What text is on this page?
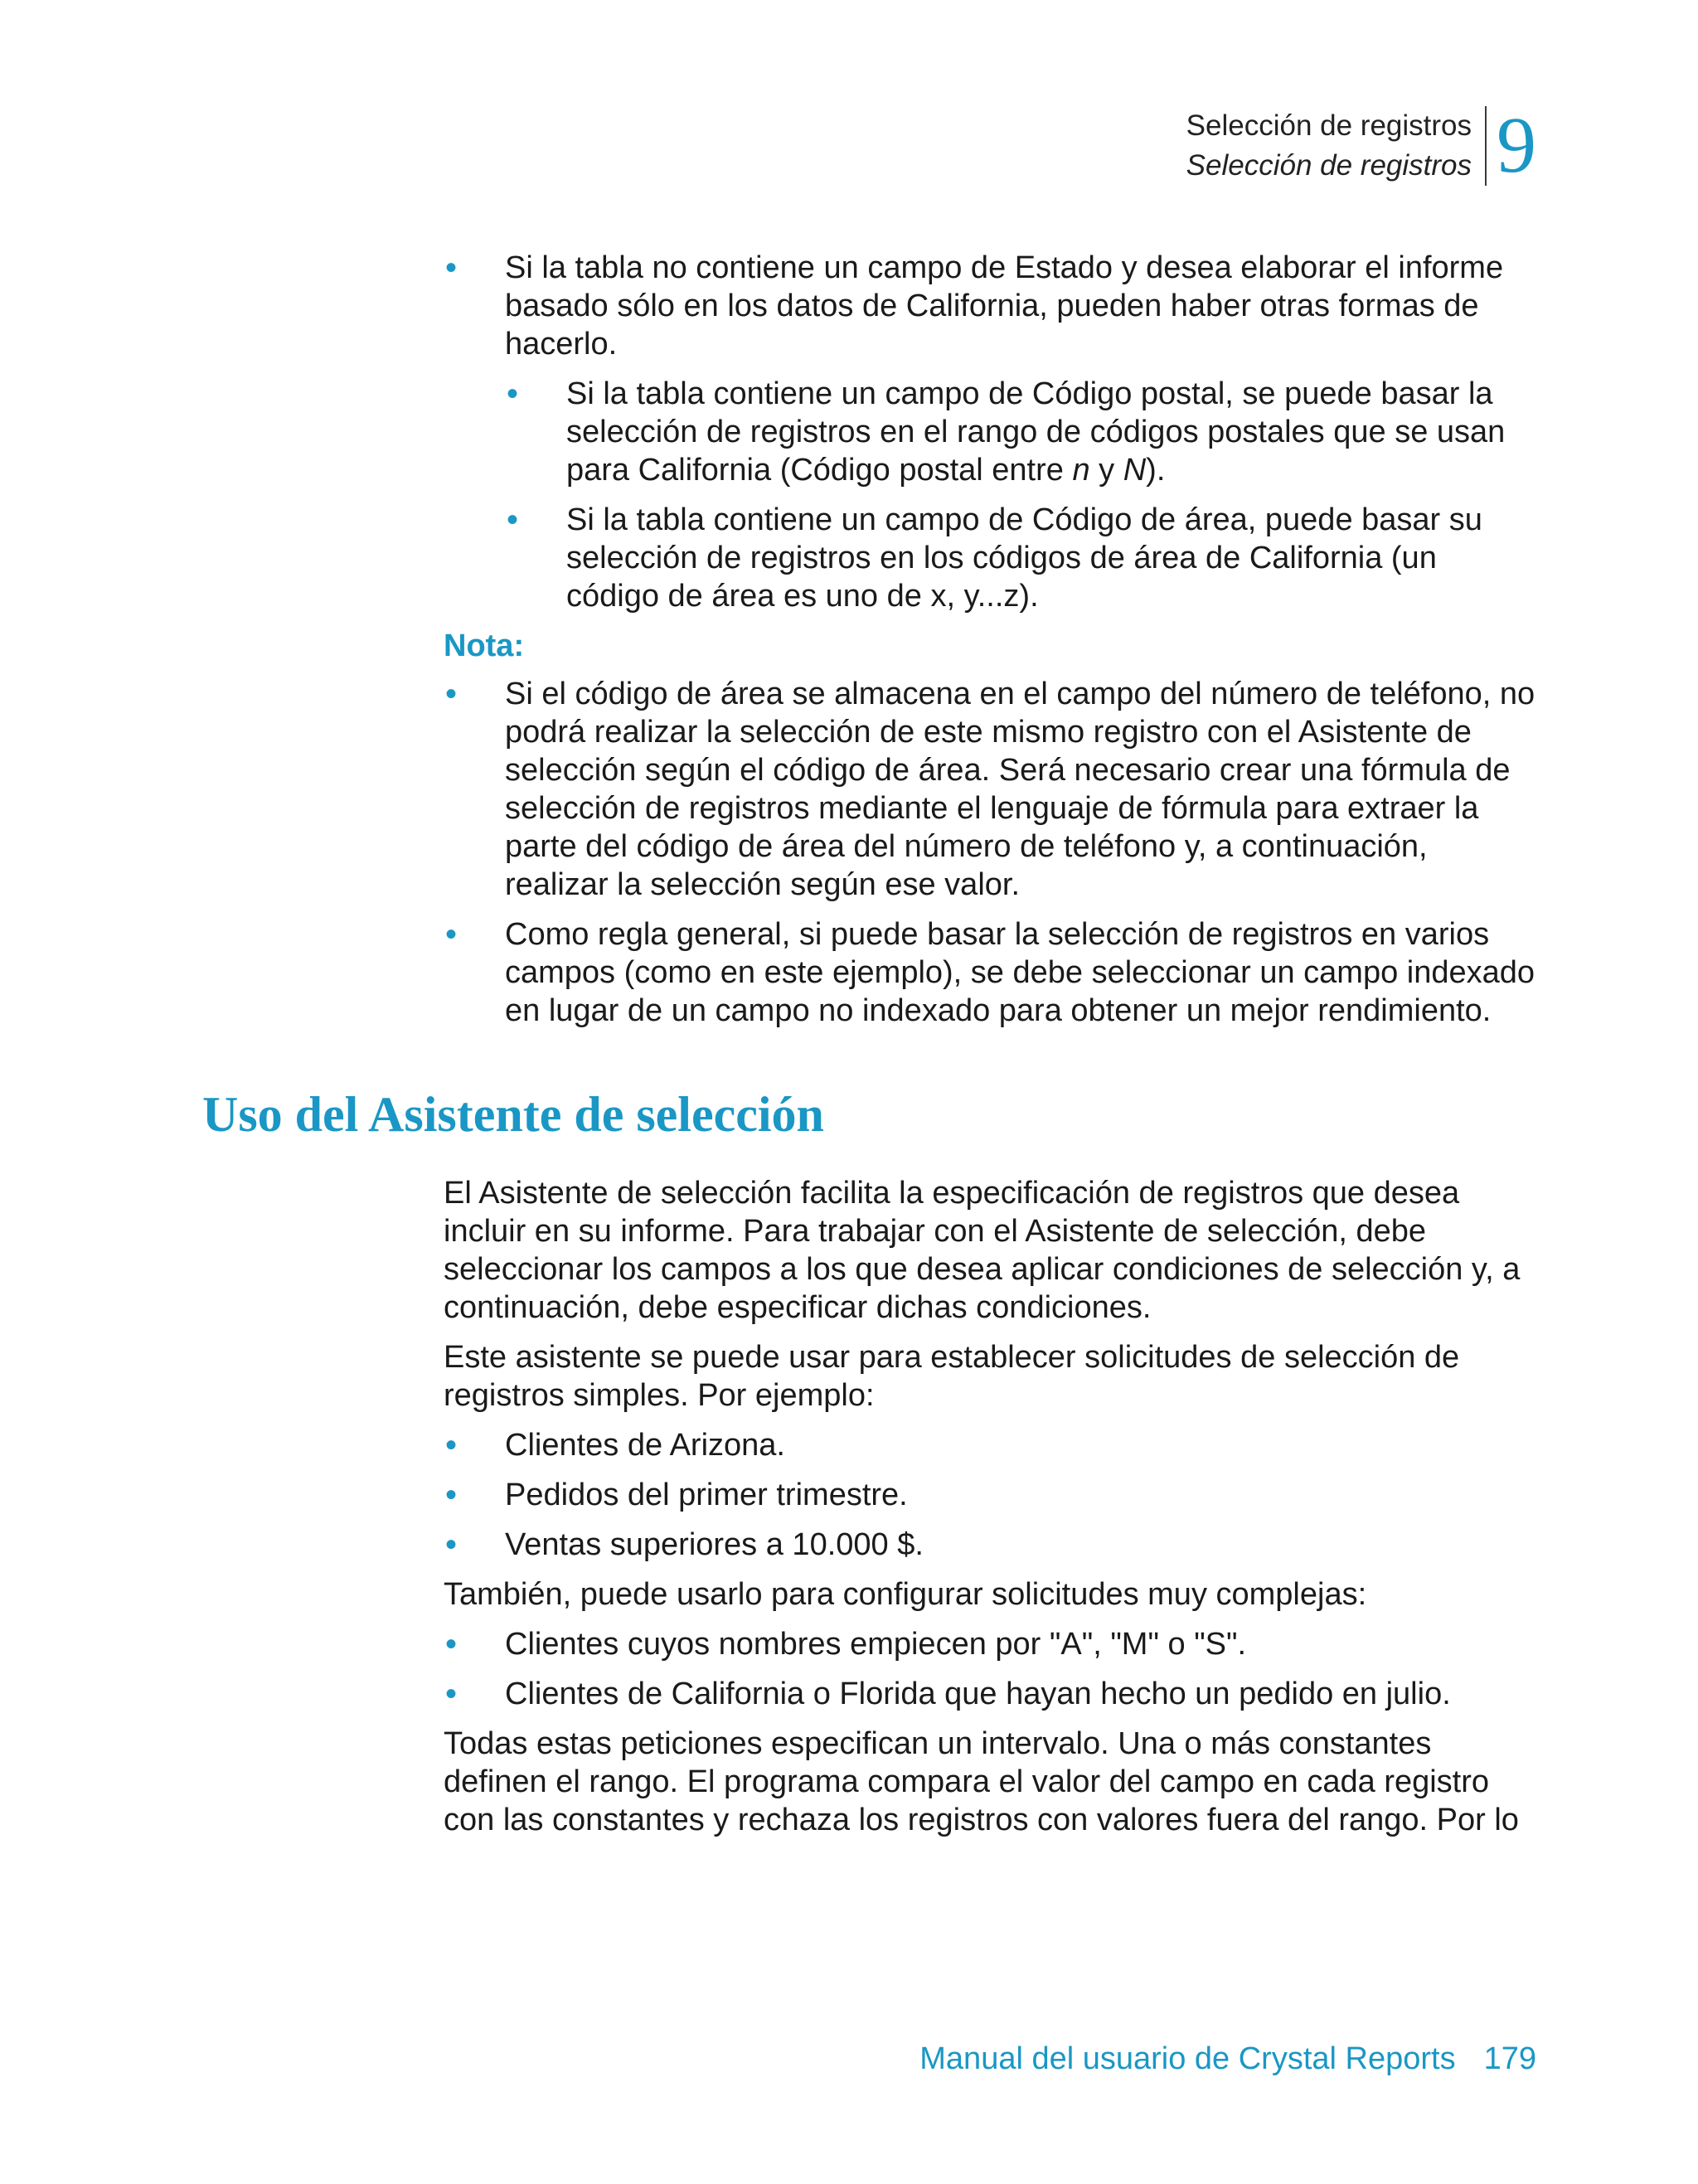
Selección de registros
Selección de registros 9
• Si la tabla no contiene un campo de Estado y desea elaborar el informe basado sólo en los datos de California, pueden haber otras formas de hacerlo.
• Si la tabla contiene un campo de Código postal, se puede basar la selección de registros en el rango de códigos postales que se usan para California (Código postal entre n y N).
• Si la tabla contiene un campo de Código de área, puede basar su selección de registros en los códigos de área de California (un código de área es uno de x, y...z).
Nota:
• Si el código de área se almacena en el campo del número de teléfono, no podrá realizar la selección de este mismo registro con el Asistente de selección según el código de área. Será necesario crear una fórmula de selección de registros mediante el lenguaje de fórmula para extraer la parte del código de área del número de teléfono y, a continuación, realizar la selección según ese valor.
• Como regla general, si puede basar la selección de registros en varios campos (como en este ejemplo), se debe seleccionar un campo indexado en lugar de un campo no indexado para obtener un mejor rendimiento.
Uso del Asistente de selección
El Asistente de selección facilita la especificación de registros que desea incluir en su informe. Para trabajar con el Asistente de selección, debe seleccionar los campos a los que desea aplicar condiciones de selección y, a continuación, debe especificar dichas condiciones.
Este asistente se puede usar para establecer solicitudes de selección de registros simples. Por ejemplo:
• Clientes de Arizona.
• Pedidos del primer trimestre.
• Ventas superiores a 10.000 $.
También, puede usarlo para configurar solicitudes muy complejas:
• Clientes cuyos nombres empiecen por "A", "M" o "S".
• Clientes de California o Florida que hayan hecho un pedido en julio.
Todas estas peticiones especifican un intervalo. Una o más constantes definen el rango. El programa compara el valor del campo en cada registro con las constantes y rechaza los registros con valores fuera del rango. Por lo
Manual del usuario de Crystal Reports 179
